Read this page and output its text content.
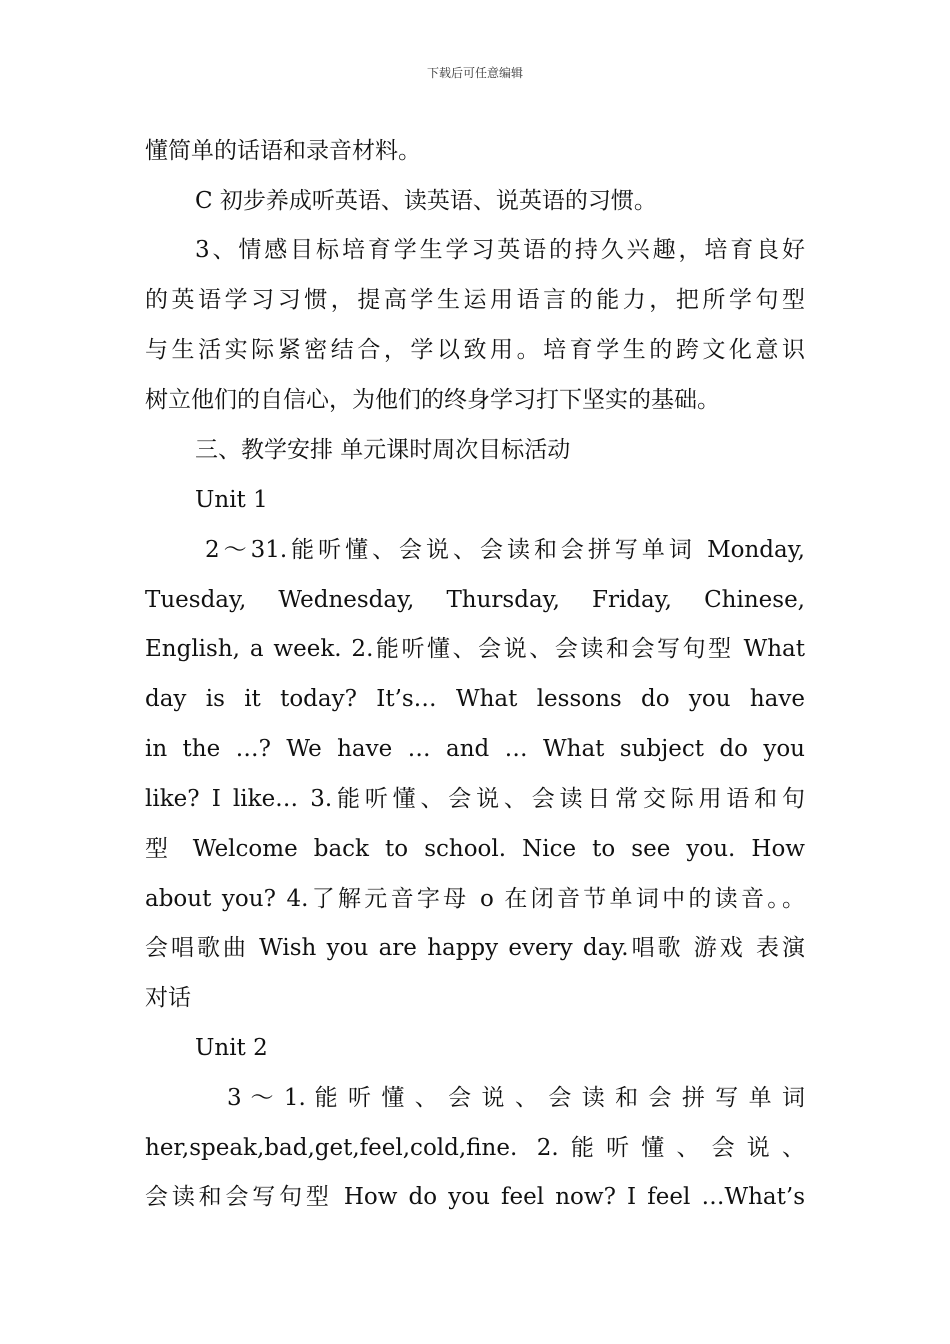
下载后可任意编辑
懂简单的话语和录音材料。
C 初步养成听英语、读英语、说英语的习惯。
3、情感目标培育学生学习英语的持久兴趣，培育良好
的英语学习习惯，提高学生运用语言的能力，把所学句型
与生活实际紧密结合，学以致用。培育学生的跨文化意识
树立他们的自信心，为他们的终身学习打下坚实的基础。
三、教学安排 单元课时周次目标活动
Unit 1
2～31.能听懂、会说、会读和会拼写单词 Monday,
Tuesday, Wednesday, Thursday, Friday, Chinese,
English, a week. 2.能听懂、会说、会读和会写句型 What
day is it today? It’s… What lessons do you have
in the …? We have … and … What subject do you
like? I like… 3.能听懂、会说、会读日常交际用语和句
型 Welcome back to school. Nice to see you. How
about you? 4.了解元音字母 o 在闭音节单词中的读音。。
会唱歌曲 Wish you are happy every day.唱歌 游戏 表演
对话
Unit 2
3 ～ 1. 能 听 懂 、 会 说 、 会 读 和 会 拼 写 单 词
her,speak,bad,get,feel,cold,fine. 2.能听懂、会说、
会读和会写句型 How do you feel now? I feel …What’s
